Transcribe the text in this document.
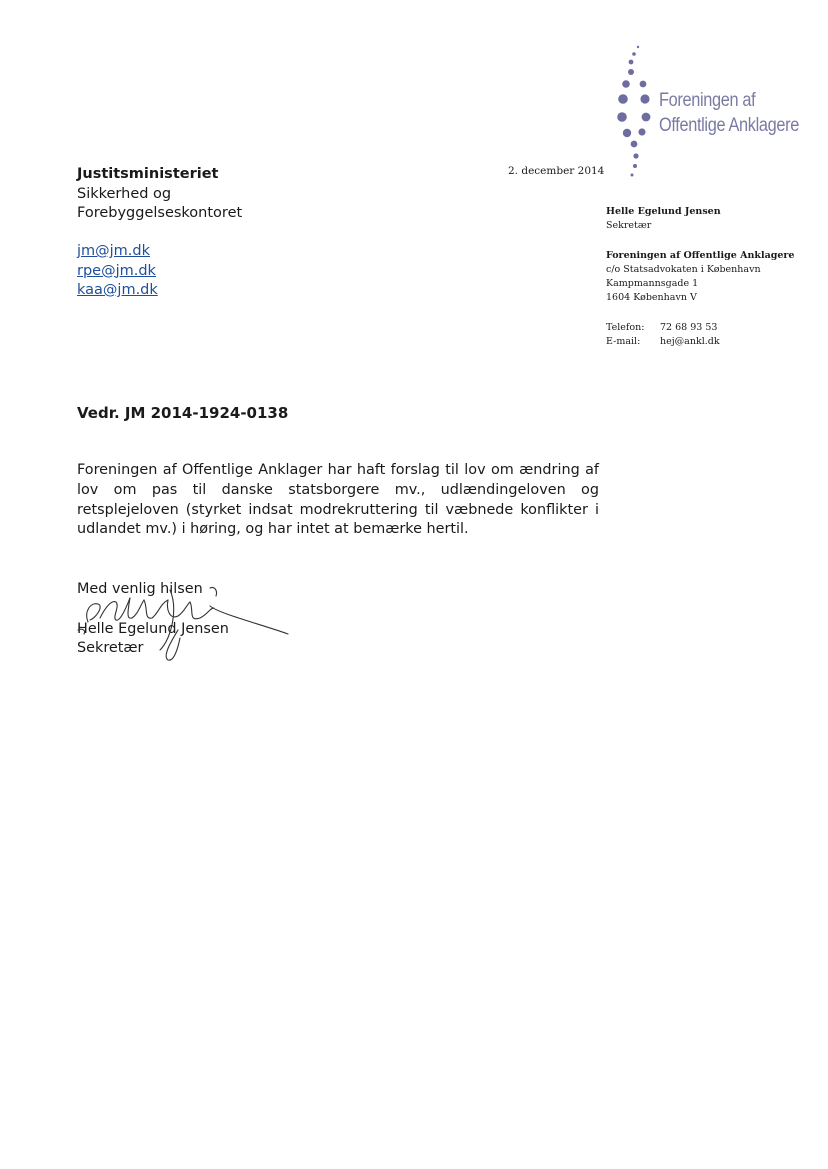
Foreningen af
Offentlige Anklagere
Justitsministeriet
Sikkerhed og
Forebyggelseskontoret
jm@jm.dk
rpe@jm.dk
kaa@jm.dk
2. december 2014
Helle Egelund Jensen
Sekretær
Foreningen af Offentlige Anklagere
c/o Statsadvokaten i København
Kampmannsgade 1
1604 København V
Telefon:	72 68 93 53
E-mail:	hej@ankl.dk
Vedr. JM 2014-1924-0138
Foreningen af Offentlige Anklager har haft forslag til lov om ændring af lov om pas til danske statsborgere mv., udlændingeloven og retsplejeloven (styrket indsat modrekruttering til væbnede konflikter i udlandet mv.) i høring, og har intet at bemærke hertil.
Med venlig hilsen
Helle Egelund Jensen
Sekretær
